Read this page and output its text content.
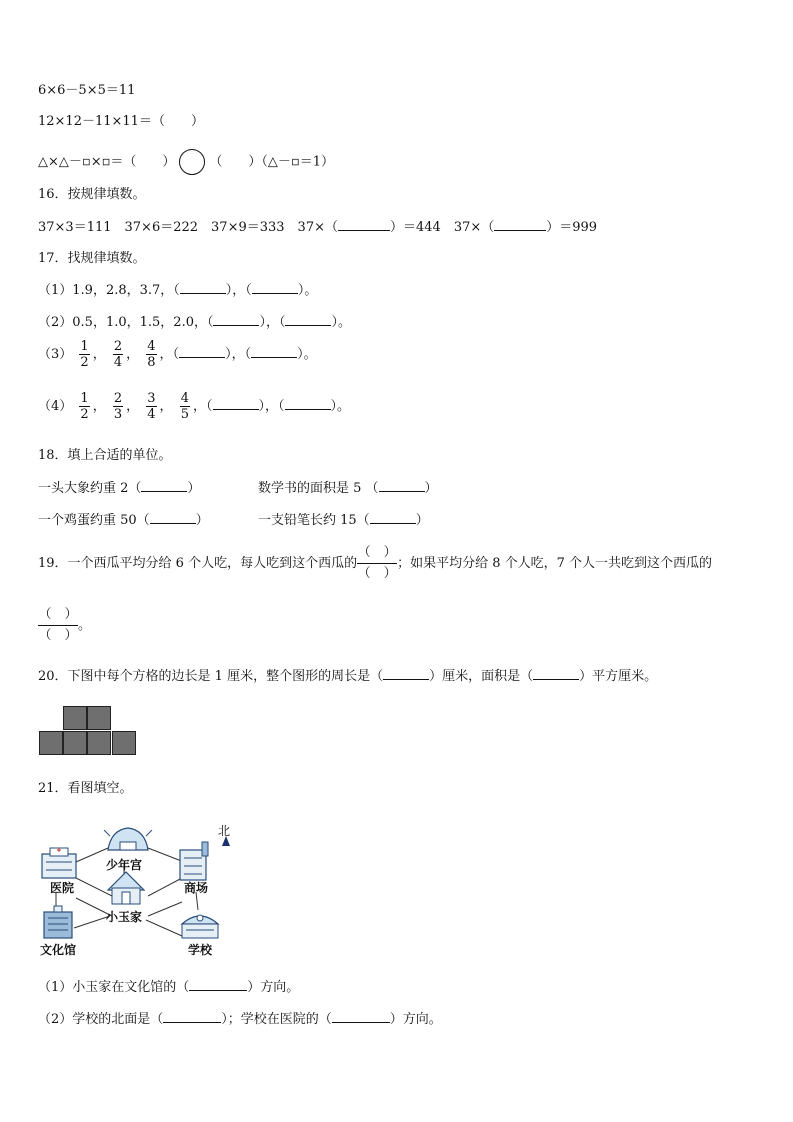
6×6－5×5＝11
12×12－11×11＝（　　）
△×△－▫×▫＝（　　）	（　　）（△－▫＝1）
16．按规律填数。
37×3＝111　37×6＝222　37×9＝333　37×（	）＝444　37×（	）＝999
17．找规律填数。
（1）1.9，2.8，3.7，（	），（	）。
（2）0.5，1.0，1.5，2.0，（	），（	）。
$(3) \frac{1}{2}$ ， $\frac{2}{4}$ ， $\frac{4}{8}$ ，（	），（	）。
$(4) \frac{1}{2}$ ， $\frac{2}{3}$ ， $\frac{3}{4}$ ， $\frac{4}{5}$ ，（	），（	）。
18．填上合适的单位。
一头大象约重 2（	）	数学书的面积是 5 （	）
一个鸡蛋约重 50（	）	一支铅笔长约 15（	）
19．一个西瓜平均分给 6 个人吃，每人吃到这个西瓜的 $\frac{( )}{( )}$ ；如果平均分给 8 个人吃，7 个人一共吃到这个西瓜的
$\frac{( )}{( )}$ 。
20．下图中每个方格的边长是 1 厘米，整个图形的周长是（	）厘米，面积是（	）平方厘米。
21．看图填空。
北
少年宫
医院	商场
小玉家
文化馆	学校
（1）小玉家在文化馆的（	）方向。
（2）学校的北面是（	）；学校在医院的（	）方向。
